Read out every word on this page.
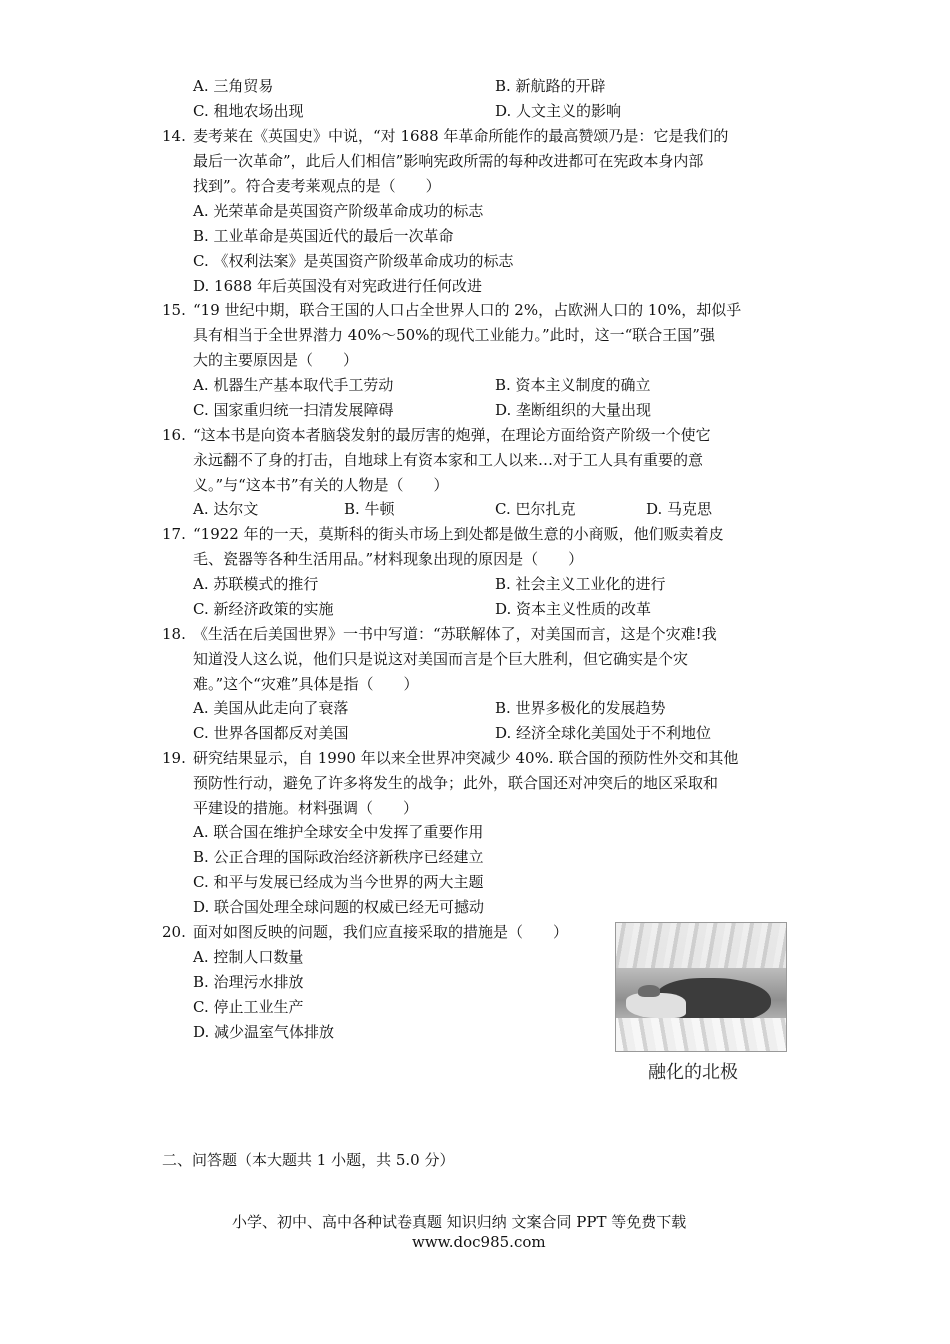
A. 三角贸易	B. 新航路的开辟
C. 租地农场出现	D. 人文主义的影响
14. 麦考莱在《英国史》中说，“对 1688 年革命所能作的最高赞颂乃是：它是我们的
最后一次革命”，此后人们相信”影响宪政所需的每种改进都可在宪政本身内部
找到”。符合麦考莱观点的是（　　）
A. 光荣革命是英国资产阶级革命成功的标志
B. 工业革命是英国近代的最后一次革命
C. 《权利法案》是英国资产阶级革命成功的标志
D. 1688 年后英国没有对宪政进行任何改进
15. “19 世纪中期，联合王国的人口占全世界人口的 2%，占欧洲人口的 10%，却似乎
具有相当于全世界潜力 40%～50%的现代工业能力。”此时，这一“联合王国”强
大的主要原因是（　　）
A. 机器生产基本取代手工劳动	B. 资本主义制度的确立
C. 国家重归统一扫清发展障碍	D. 垄断组织的大量出现
16. “这本书是向资本者脑袋发射的最厉害的炮弹，在理论方面给资产阶级一个使它
永远翻不了身的打击，自地球上有资本家和工人以来…对于工人具有重要的意
义。”与“这本书”有关的人物是（　　）
A. 达尔文	B. 牛顿	C. 巴尔扎克	D. 马克思
17. “1922 年的一天，莫斯科的街头市场上到处都是做生意的小商贩，他们贩卖着皮
毛、瓷器等各种生活用品。”材料现象出现的原因是（　　）
A. 苏联模式的推行	B. 社会主义工业化的进行
C. 新经济政策的实施	D. 资本主义性质的改革
18. 《生活在后美国世界》一书中写道：“苏联解体了，对美国而言，这是个灾难!我
知道没人这么说，他们只是说这对美国而言是个巨大胜利，但它确实是个灾
难。”这个“灾难”具体是指（　　）
A. 美国从此走向了衰落	B. 世界多极化的发展趋势
C. 世界各国都反对美国	D. 经济全球化美国处于不利地位
19. 研究结果显示，自 1990 年以来全世界冲突减少 40%. 联合国的预防性外交和其他
预防性行动，避免了许多将发生的战争；此外，联合国还对冲突后的地区采取和
平建设的措施。材料强调（　　）
A. 联合国在维护全球安全中发挥了重要作用
B. 公正合理的国际政治经济新秩序已经建立
C. 和平与发展已经成为当今世界的两大主题
D. 联合国处理全球问题的权威已经无可撼动
20. 面对如图反映的问题，我们应直接采取的措施是（　　）
A. 控制人口数量
B. 治理污水排放
C. 停止工业生产
D. 减少温室气体排放
融化的北极
二、问答题（本大题共 1 小题，共 5.0 分）
小学、初中、高中各种试卷真题 知识归纳 文案合同 PPT 等免费下载
www.doc985.com
